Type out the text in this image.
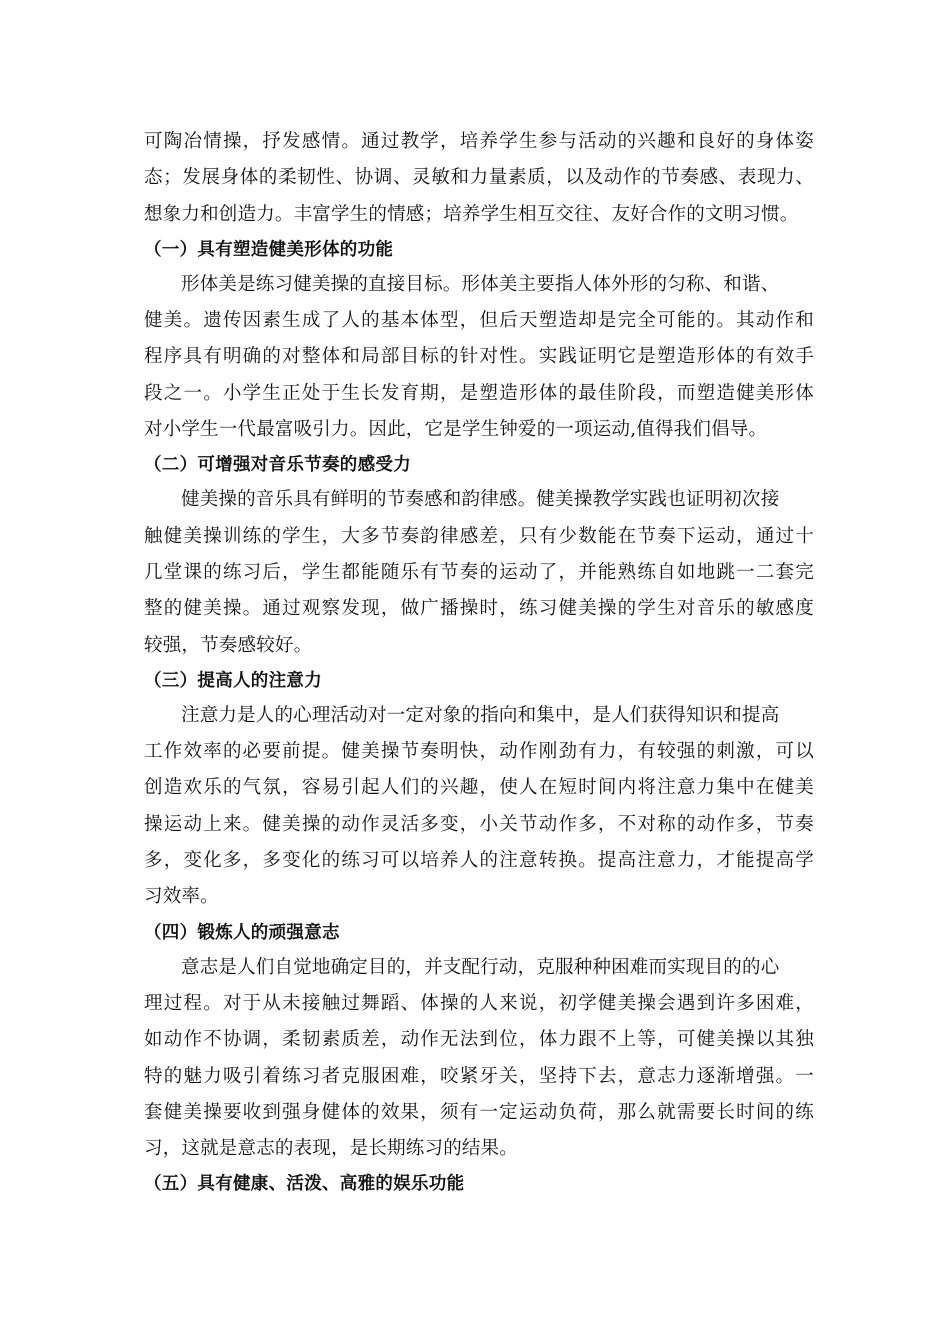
可陶冶情操，抒发感情。通过教学，培养学生参与活动的兴趣和良好的身体姿
态；发展身体的柔韧性、协调、灵敏和力量素质，以及动作的节奏感、表现力、
想象力和创造力。丰富学生的情感；培养学生相互交往、友好合作的文明习惯。
（一）具有塑造健美形体的功能
形体美是练习健美操的直接目标。形体美主要指人体外形的匀称、和谐、
健美。遗传因素生成了人的基本体型，但后天塑造却是完全可能的。其动作和
程序具有明确的对整体和局部目标的针对性。实践证明它是塑造形体的有效手
段之一。小学生正处于生长发育期，是塑造形体的最佳阶段，而塑造健美形体
对小学生一代最富吸引力。因此，它是学生钟爱的一项运动,值得我们倡导。
（二）可增强对音乐节奏的感受力
健美操的音乐具有鲜明的节奏感和韵律感。健美操教学实践也证明初次接
触健美操训练的学生，大多节奏韵律感差，只有少数能在节奏下运动，通过十
几堂课的练习后，学生都能随乐有节奏的运动了，并能熟练自如地跳一二套完
整的健美操。通过观察发现，做广播操时，练习健美操的学生对音乐的敏感度
较强，节奏感较好。
（三）提高人的注意力
注意力是人的心理活动对一定对象的指向和集中，是人们获得知识和提高
工作效率的必要前提。健美操节奏明快，动作刚劲有力，有较强的刺激，可以
创造欢乐的气氛，容易引起人们的兴趣，使人在短时间内将注意力集中在健美
操运动上来。健美操的动作灵活多变，小关节动作多，不对称的动作多，节奏
多，变化多，多变化的练习可以培养人的注意转换。提高注意力，才能提高学
习效率。
（四）锻炼人的顽强意志
意志是人们自觉地确定目的，并支配行动，克服种种困难而实现目的的心
理过程。对于从未接触过舞蹈、体操的人来说，初学健美操会遇到许多困难，
如动作不协调，柔韧素质差，动作无法到位，体力跟不上等，可健美操以其独
特的魅力吸引着练习者克服困难，咬紧牙关，坚持下去，意志力逐渐增强。一
套健美操要收到强身健体的效果，须有一定运动负荷，那么就需要长时间的练
习，这就是意志的表现，是长期练习的结果。
（五）具有健康、活泼、高雅的娱乐功能
